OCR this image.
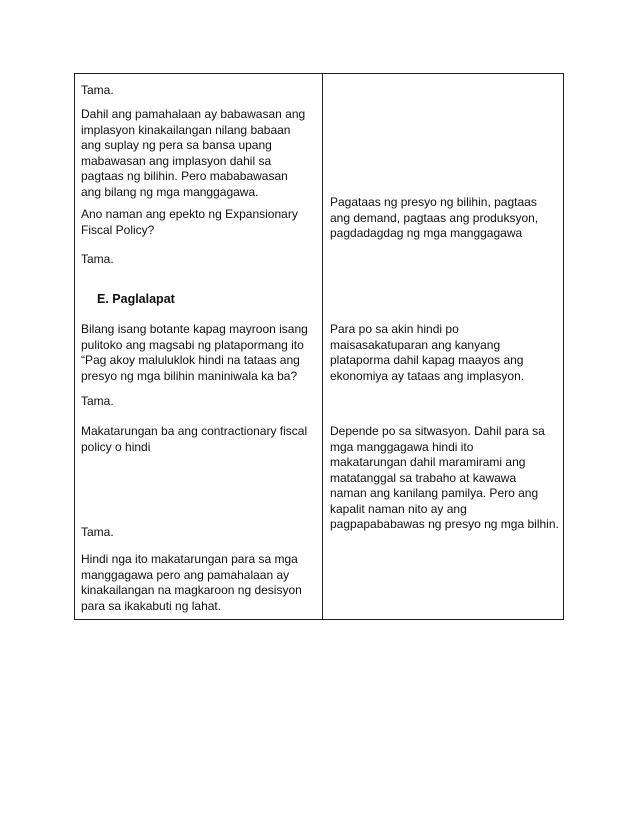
Tama.
Dahil ang pamahalaan ay babawasan ang
implasyon kinakailangan nilang babaan
ang suplay ng pera sa bansa upang
mabawasan ang implasyon dahil sa
pagtaas ng bilihin. Pero mababawasan
ang bilang ng mga manggagawa.
Ano naman ang epekto ng Expansionary
Fiscal Policy?
Tama.
E. Paglalapat
Bilang isang botante kapag mayroon isang
pulitoko ang magsabi ng platapormang ito
“Pag akoy maluluklok hindi na tataas ang
presyo ng mga bilihin maniniwala ka ba?
Tama.
Makatarungan ba ang contractionary fiscal
policy o hindi
Tama.
Hindi nga ito makatarungan para sa mga
manggagawa pero ang pamahalaan ay
kinakailangan na magkaroon ng desisyon
para sa ikakabuti ng lahat.
Pagataas ng presyo ng bilihin, pagtaas
ang demand, pagtaas ang produksyon,
pagdadagdag ng mga manggagawa
Para po sa akin hindi po
maisasakatuparan ang kanyang
plataporma dahil kapag maayos ang
ekonomiya ay tataas ang implasyon.
Depende po sa sitwasyon. Dahil para sa
mga manggagawa hindi ito
makatarungan dahil maramirami ang
matatanggal sa trabaho at kawawa
naman ang kanilang pamilya. Pero ang
kapalit naman nito ay ang
pagpapababawas ng presyo ng mga bilhin.
